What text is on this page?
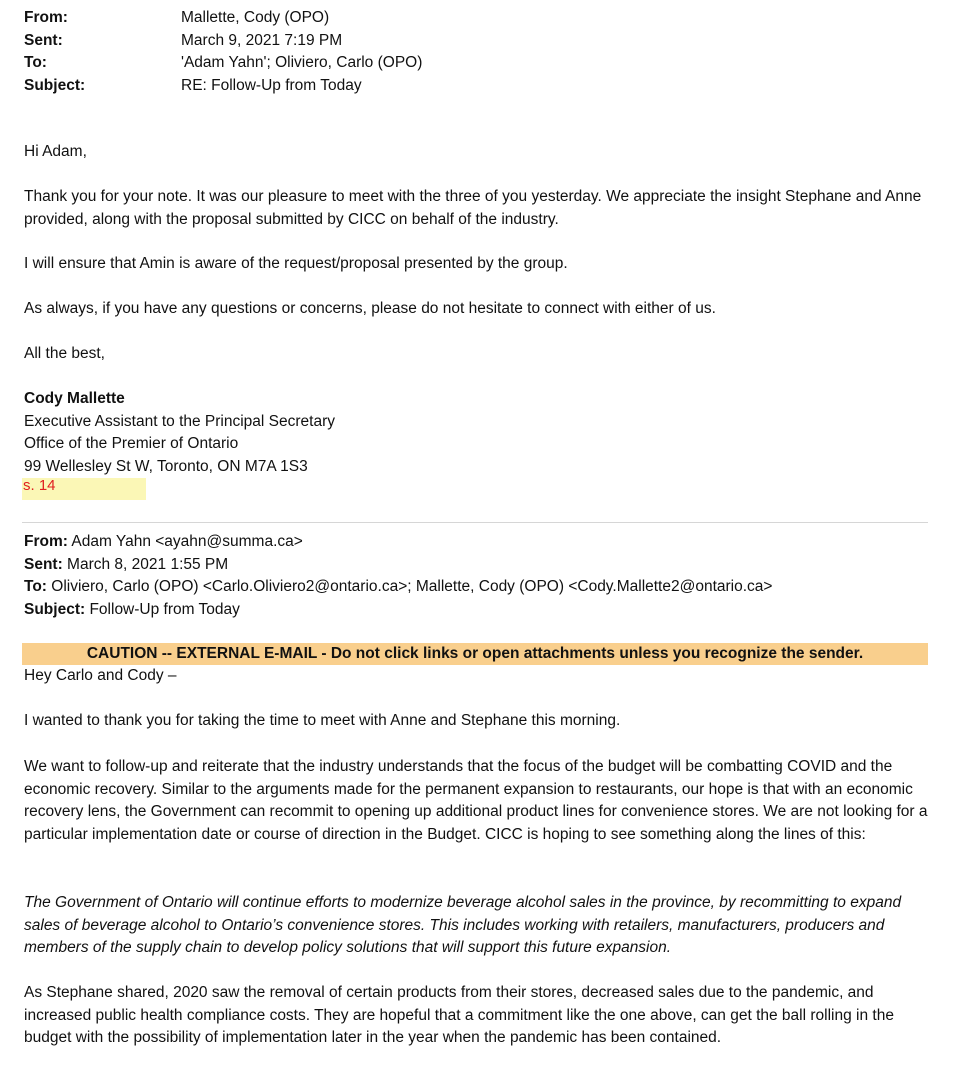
From:	Mallette, Cody (OPO)
Sent:	March 9, 2021 7:19 PM
To:	'Adam Yahn'; Oliviero, Carlo (OPO)
Subject:	RE: Follow-Up from Today

Hi Adam,

Thank you for your note. It was our pleasure to meet with the three of you yesterday. We appreciate the insight Stephane and Anne provided, along with the proposal submitted by CICC on behalf of the industry.

I will ensure that Amin is aware of the request/proposal presented by the group.

As always, if you have any questions or concerns, please do not hesitate to connect with either of us.

All the best,

Cody Mallette
Executive Assistant to the Principal Secretary
Office of the Premier of Ontario
99 Wellesley St W, Toronto, ON M7A 1S3
s. 14
From: Adam Yahn <ayahn@summa.ca>
Sent: March 8, 2021 1:55 PM
To: Oliviero, Carlo (OPO) <Carlo.Oliviero2@ontario.ca>; Mallette, Cody (OPO) <Cody.Mallette2@ontario.ca>
Subject: Follow-Up from Today
CAUTION -- EXTERNAL E-MAIL - Do not click links or open attachments unless you recognize the sender.

Hey Carlo and Cody –

I wanted to thank you for taking the time to meet with Anne and Stephane this morning.

We want to follow-up and reiterate that the industry understands that the focus of the budget will be combatting COVID and the economic recovery. Similar to the arguments made for the permanent expansion to restaurants, our hope is that with an economic recovery lens, the Government can recommit to opening up additional product lines for convenience stores. We are not looking for a particular implementation date or course of direction in the Budget. CICC is hoping to see something along the lines of this:

The Government of Ontario will continue efforts to modernize beverage alcohol sales in the province, by recommitting to expand sales of beverage alcohol to Ontario’s convenience stores. This includes working with retailers, manufacturers, producers and members of the supply chain to develop policy solutions that will support this future expansion.

As Stephane shared, 2020 saw the removal of certain products from their stores, decreased sales due to the pandemic, and increased public health compliance costs. They are hopeful that a commitment like the one above, can get the ball rolling in the budget with the possibility of implementation later in the year when the pandemic has been contained.
